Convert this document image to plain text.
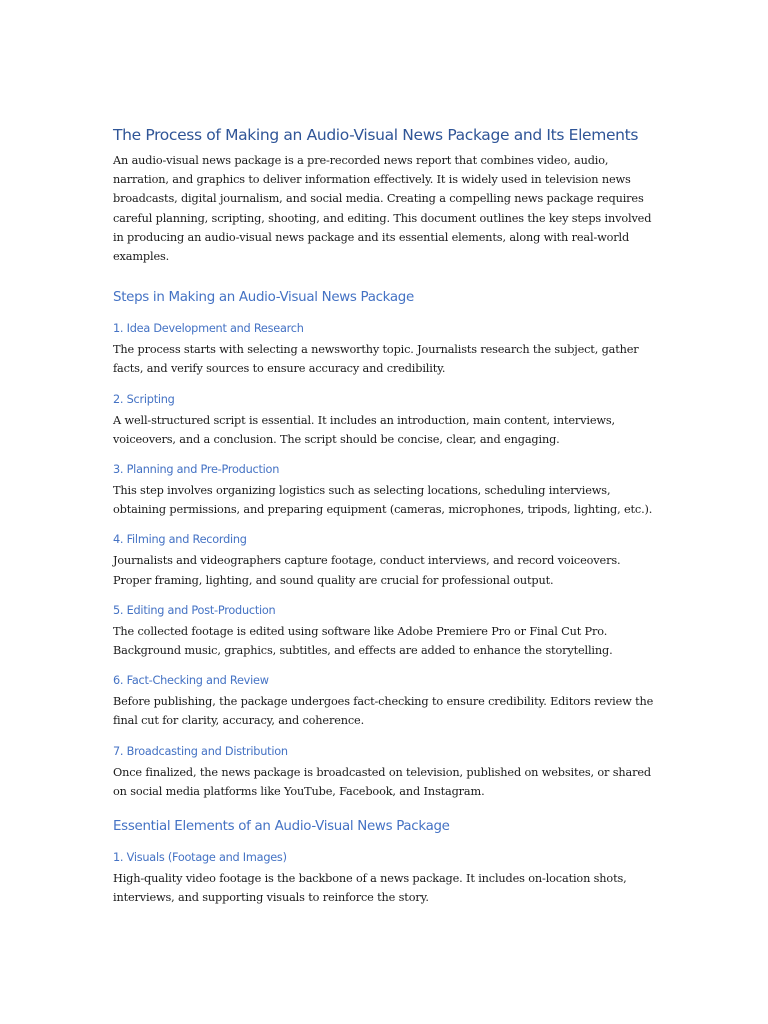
The Process of Making an Audio-Visual News Package and Its Elements

An audio-visual news package is a pre-recorded news report that combines video, audio, narration, and graphics to deliver information effectively. It is widely used in television news broadcasts, digital journalism, and social media. Creating a compelling news package requires careful planning, scripting, shooting, and editing. This document outlines the key steps involved in producing an audio-visual news package and its essential elements, along with real-world examples.

Steps in Making an Audio-Visual News Package
1. Idea Development and Research

The process starts with selecting a newsworthy topic. Journalists research the subject, gather facts, and verify sources to ensure accuracy and credibility.

2. Scripting

A well-structured script is essential. It includes an introduction, main content, interviews, voiceovers, and a conclusion. The script should be concise, clear, and engaging.

3. Planning and Pre-Production

This step involves organizing logistics such as selecting locations, scheduling interviews, obtaining permissions, and preparing equipment (cameras, microphones, tripods, lighting, etc.).

4. Filming and Recording

Journalists and videographers capture footage, conduct interviews, and record voiceovers. Proper framing, lighting, and sound quality are crucial for professional output.

5. Editing and Post-Production

The collected footage is edited using software like Adobe Premiere Pro or Final Cut Pro. Background music, graphics, subtitles, and effects are added to enhance the storytelling.

6. Fact-Checking and Review

Before publishing, the package undergoes fact-checking to ensure credibility. Editors review the final cut for clarity, accuracy, and coherence.

7. Broadcasting and Distribution

Once finalized, the news package is broadcasted on television, published on websites, or shared on social media platforms like YouTube, Facebook, and Instagram.

Essential Elements of an Audio-Visual News Package
1. Visuals (Footage and Images)

High-quality video footage is the backbone of a news package. It includes on-location shots, interviews, and supporting visuals to reinforce the story.
